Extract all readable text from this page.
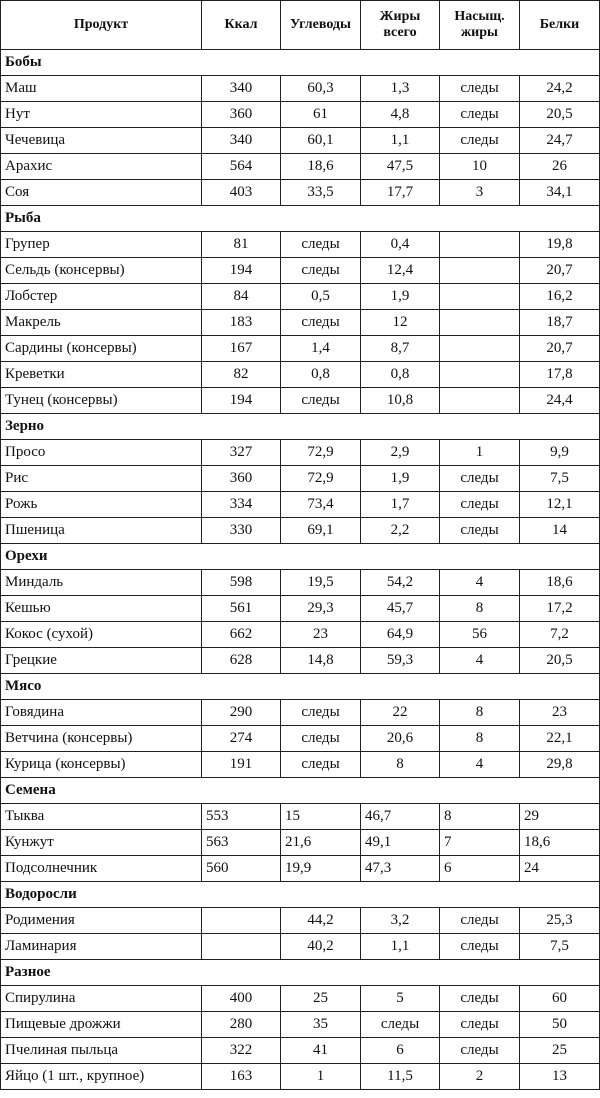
Продукт	Ккал	Углеводы	Жиры всего	Насыщ. жиры	Белки
Бобы					
Маш	340	60,3	1,3	следы	24,2
Нут	360	61	4,8	следы	20,5
Чечевица	340	60,1	1,1	следы	24,7
Арахис	564	18,6	47,5	10	26
Соя	403	33,5	17,7	3	34,1
Рыба					
Групер	81	следы	0,4		19,8
Сельдь (консервы)	194	следы	12,4		20,7
Лобстер	84	0,5	1,9		16,2
Макрель	183	следы	12		18,7
Сардины (консервы)	167	1,4	8,7		20,7
Креветки	82	0,8	0,8		17,8
Тунец (консервы)	194	следы	10,8		24,4
Зерно					
Просо	327	72,9	2,9	1	9,9
Рис	360	72,9	1,9	следы	7,5
Рожь	334	73,4	1,7	следы	12,1
Пшеница	330	69,1	2,2	следы	14
Орехи					
Миндаль	598	19,5	54,2	4	18,6
Кешью	561	29,3	45,7	8	17,2
Кокос (сухой)	662	23	64,9	56	7,2
Грецкие	628	14,8	59,3	4	20,5
Мясо					
Говядина	290	следы	22	8	23
Ветчина (консервы)	274	следы	20,6	8	22,1
Курица (консервы)	191	следы	8	4	29,8
Семена					
Тыква	553	15	46,7	8	29
Кунжут	563	21,6	49,1	7	18,6
Подсолнечник	560	19,9	47,3	6	24
Водоросли					
Родимения		44,2	3,2	следы	25,3
Ламинария		40,2	1,1	следы	7,5
Разное					
Спирулина	400	25	5	следы	60
Пищевые дрожжи	280	35	следы	следы	50
Пчелиная пыльца	322	41	6	следы	25
Яйцо (1 шт., крупное)	163	1	11,5	2	13
